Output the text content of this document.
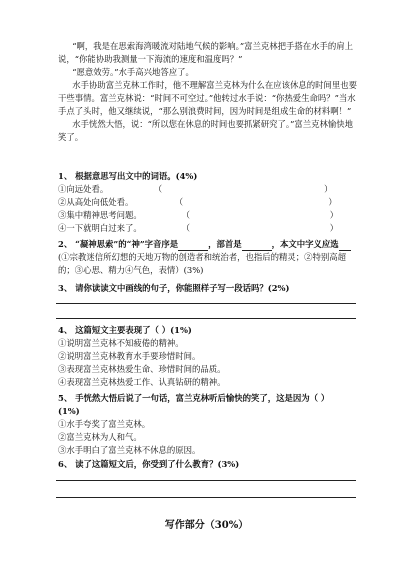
“啊，我是在思索海湾暖流对陆地气候的影响。”富兰克林把手搭在水手的肩上说，“你能协助我测量一下海流的速度和温度吗？”

“愿意效劳。”水手高兴地答应了。

水手协助富兰克林工作时，他不理解富兰克林为什么在应该休息的时间里也要干些事情。富兰克林说：“时间不可空过。”他转过水手说：“你热爱生命吗？”当水手点了头时，他又继续说，“那么别浪费时间，因为时间是组成生命的材料啊！”

水手恍然大悟，说：“所以您在休息的时间也要抓紧研究了。”富兰克林愉快地笑了。

1、 根据意思写出文中的词语。(4%)

①向远处看。	（	）
②从高处向低处看。	（	）
③集中精神思考问题。	（	）
④一下就明白过来了。	（	）

2、 “凝神思索”的“神”字音序是	，部首是	，本文中字义应选

(①宗教迷信所幻想的天地万物的创造者和统治者，也指后的精灵；②特别高超的；③心思、精力④气色，表情）(3%)

3、 请你读读文中画线的句子，你能照样子写一段话吗？(2%)

4、 这篇短文主要表现了（ ）(1%)

①说明富兰克林不知疲倦的精神。

②说明富兰克林教育水手要珍惜时间。

③表现富兰克林热爱生命、珍惜时间的品质。

④表现富兰克林热爱工作、认真钻研的精神。

5、 手恍然大悟后说了一句话，富兰克林听后愉快的笑了，这是因为（ ）

(1%)

①水手夸奖了富兰克林。

②富兰克林为人和气。

③水手明白了富兰克林不休息的原因。

6、 读了这篇短文后，你受到了什么教育？(3%)

写作部分（30%）
